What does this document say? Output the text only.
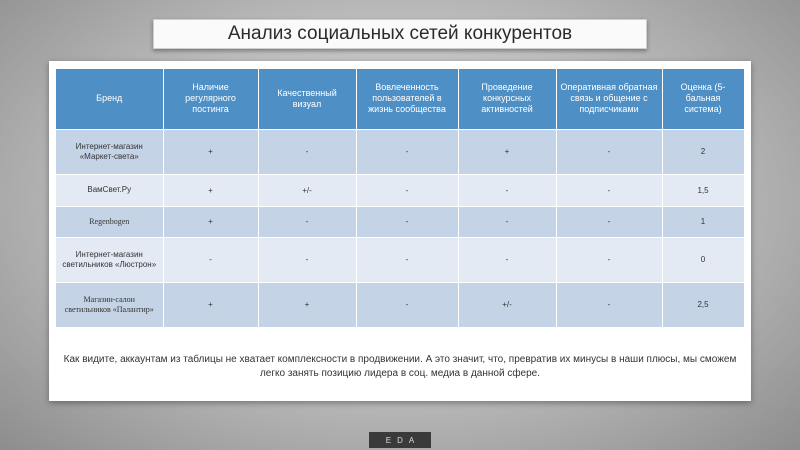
Анализ социальных сетей конкурентов
Бренд	Наличие регулярного постинга	Качественный визуал	Вовлеченность пользователей в жизнь сообщества	Проведение конкурсных активностей	Оперативная обратная связь и общение с подписчиками	Оценка (5-бальная система)
Интернет-магазин «Маркет-света»	+	-	-	+	-	2
ВамСвет.Ру	+	+/-	-	-	-	1,5
Regenbogen	+	-	-	-	-	1
Интернет-магазин светильников «Люстрон»	-	-	-	-	-	0
Магазин-салон светильников «Палантир»	+	+	-	+/-	-	2,5

Как видите, аккаунтам из таблицы не хватает комплексности в продвижении. А это значит, что, превратив их минусы в наши плюсы, мы сможем легко занять позицию лидера в соц. медиа в данной сфере.

EDA
